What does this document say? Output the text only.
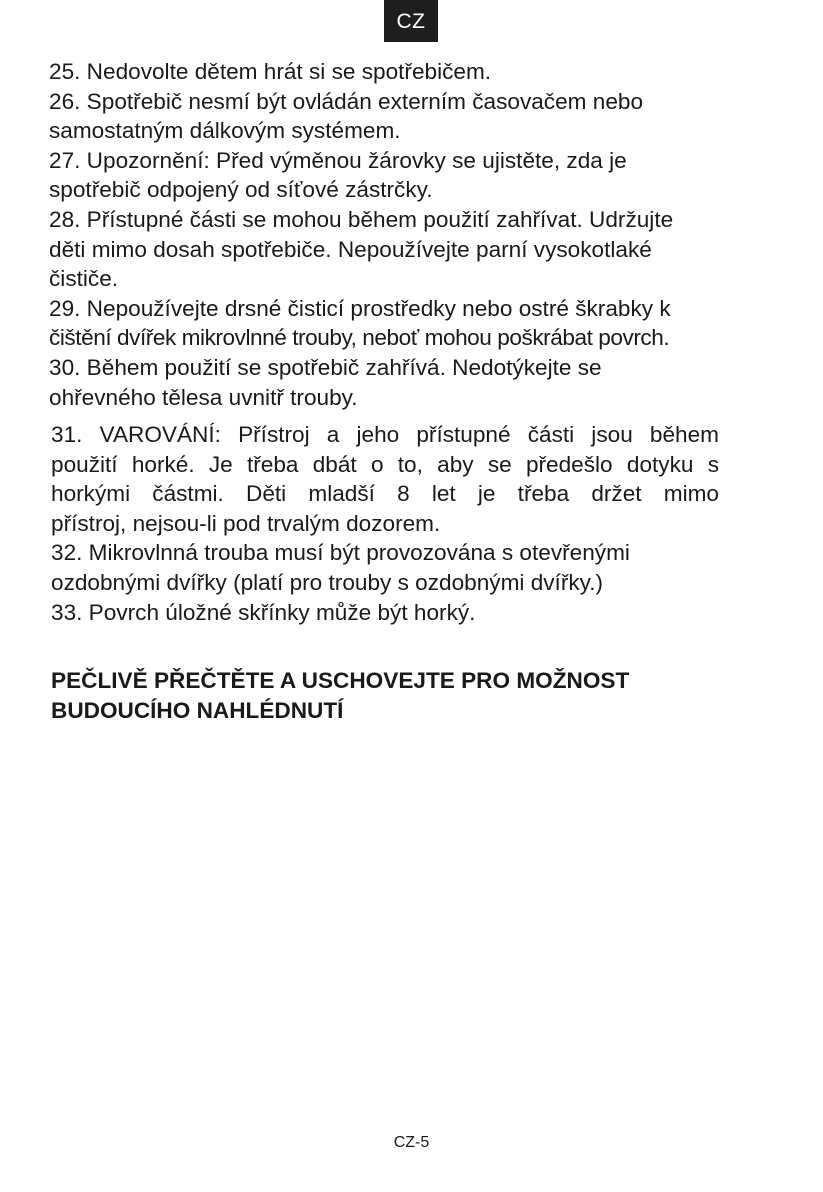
CZ

25. Nedovolte dětem hrát si se spotřebičem.

26. Spotřebič nesmí být ovládán externím časovačem nebo

samostatným dálkovým systémem.

27. Upozornění: Před výměnou žárovky se ujistěte, zda je

spotřebič odpojený od síťové zástrčky.

28. Přístupné části se mohou během použití zahřívat. Udržujte

děti mimo dosah spotřebiče. Nepoužívejte parní vysokotlaké

čističe.

29. Nepoužívejte drsné čisticí prostředky nebo ostré škrabky k

čištění dvířek mikrovlnné trouby, neboť mohou poškrábat povrch.

30. Během použití se spotřebič zahřívá. Nedotýkejte se

ohřevného tělesa uvnitř trouby.

31. VAROVÁNÍ: Přístroj a jeho přístupné části jsou během

použití horké. Je třeba dbát o to, aby se předešlo dotyku s

horkými částmi. Děti mladší 8 let je třeba držet mimo

přístroj, nejsou-li pod trvalým dozorem.

32. Mikrovlnná trouba musí být provozována s otevřenými

ozdobnými dvířky (platí pro trouby s ozdobnými dvířky.)

33. Povrch úložné skřínky může být horký.

PEČLIVĚ PŘEČTĚTE A USCHOVEJTE PRO MOŽNOST

BUDOUCÍHO NAHLÉDNUTÍ

CZ-5
